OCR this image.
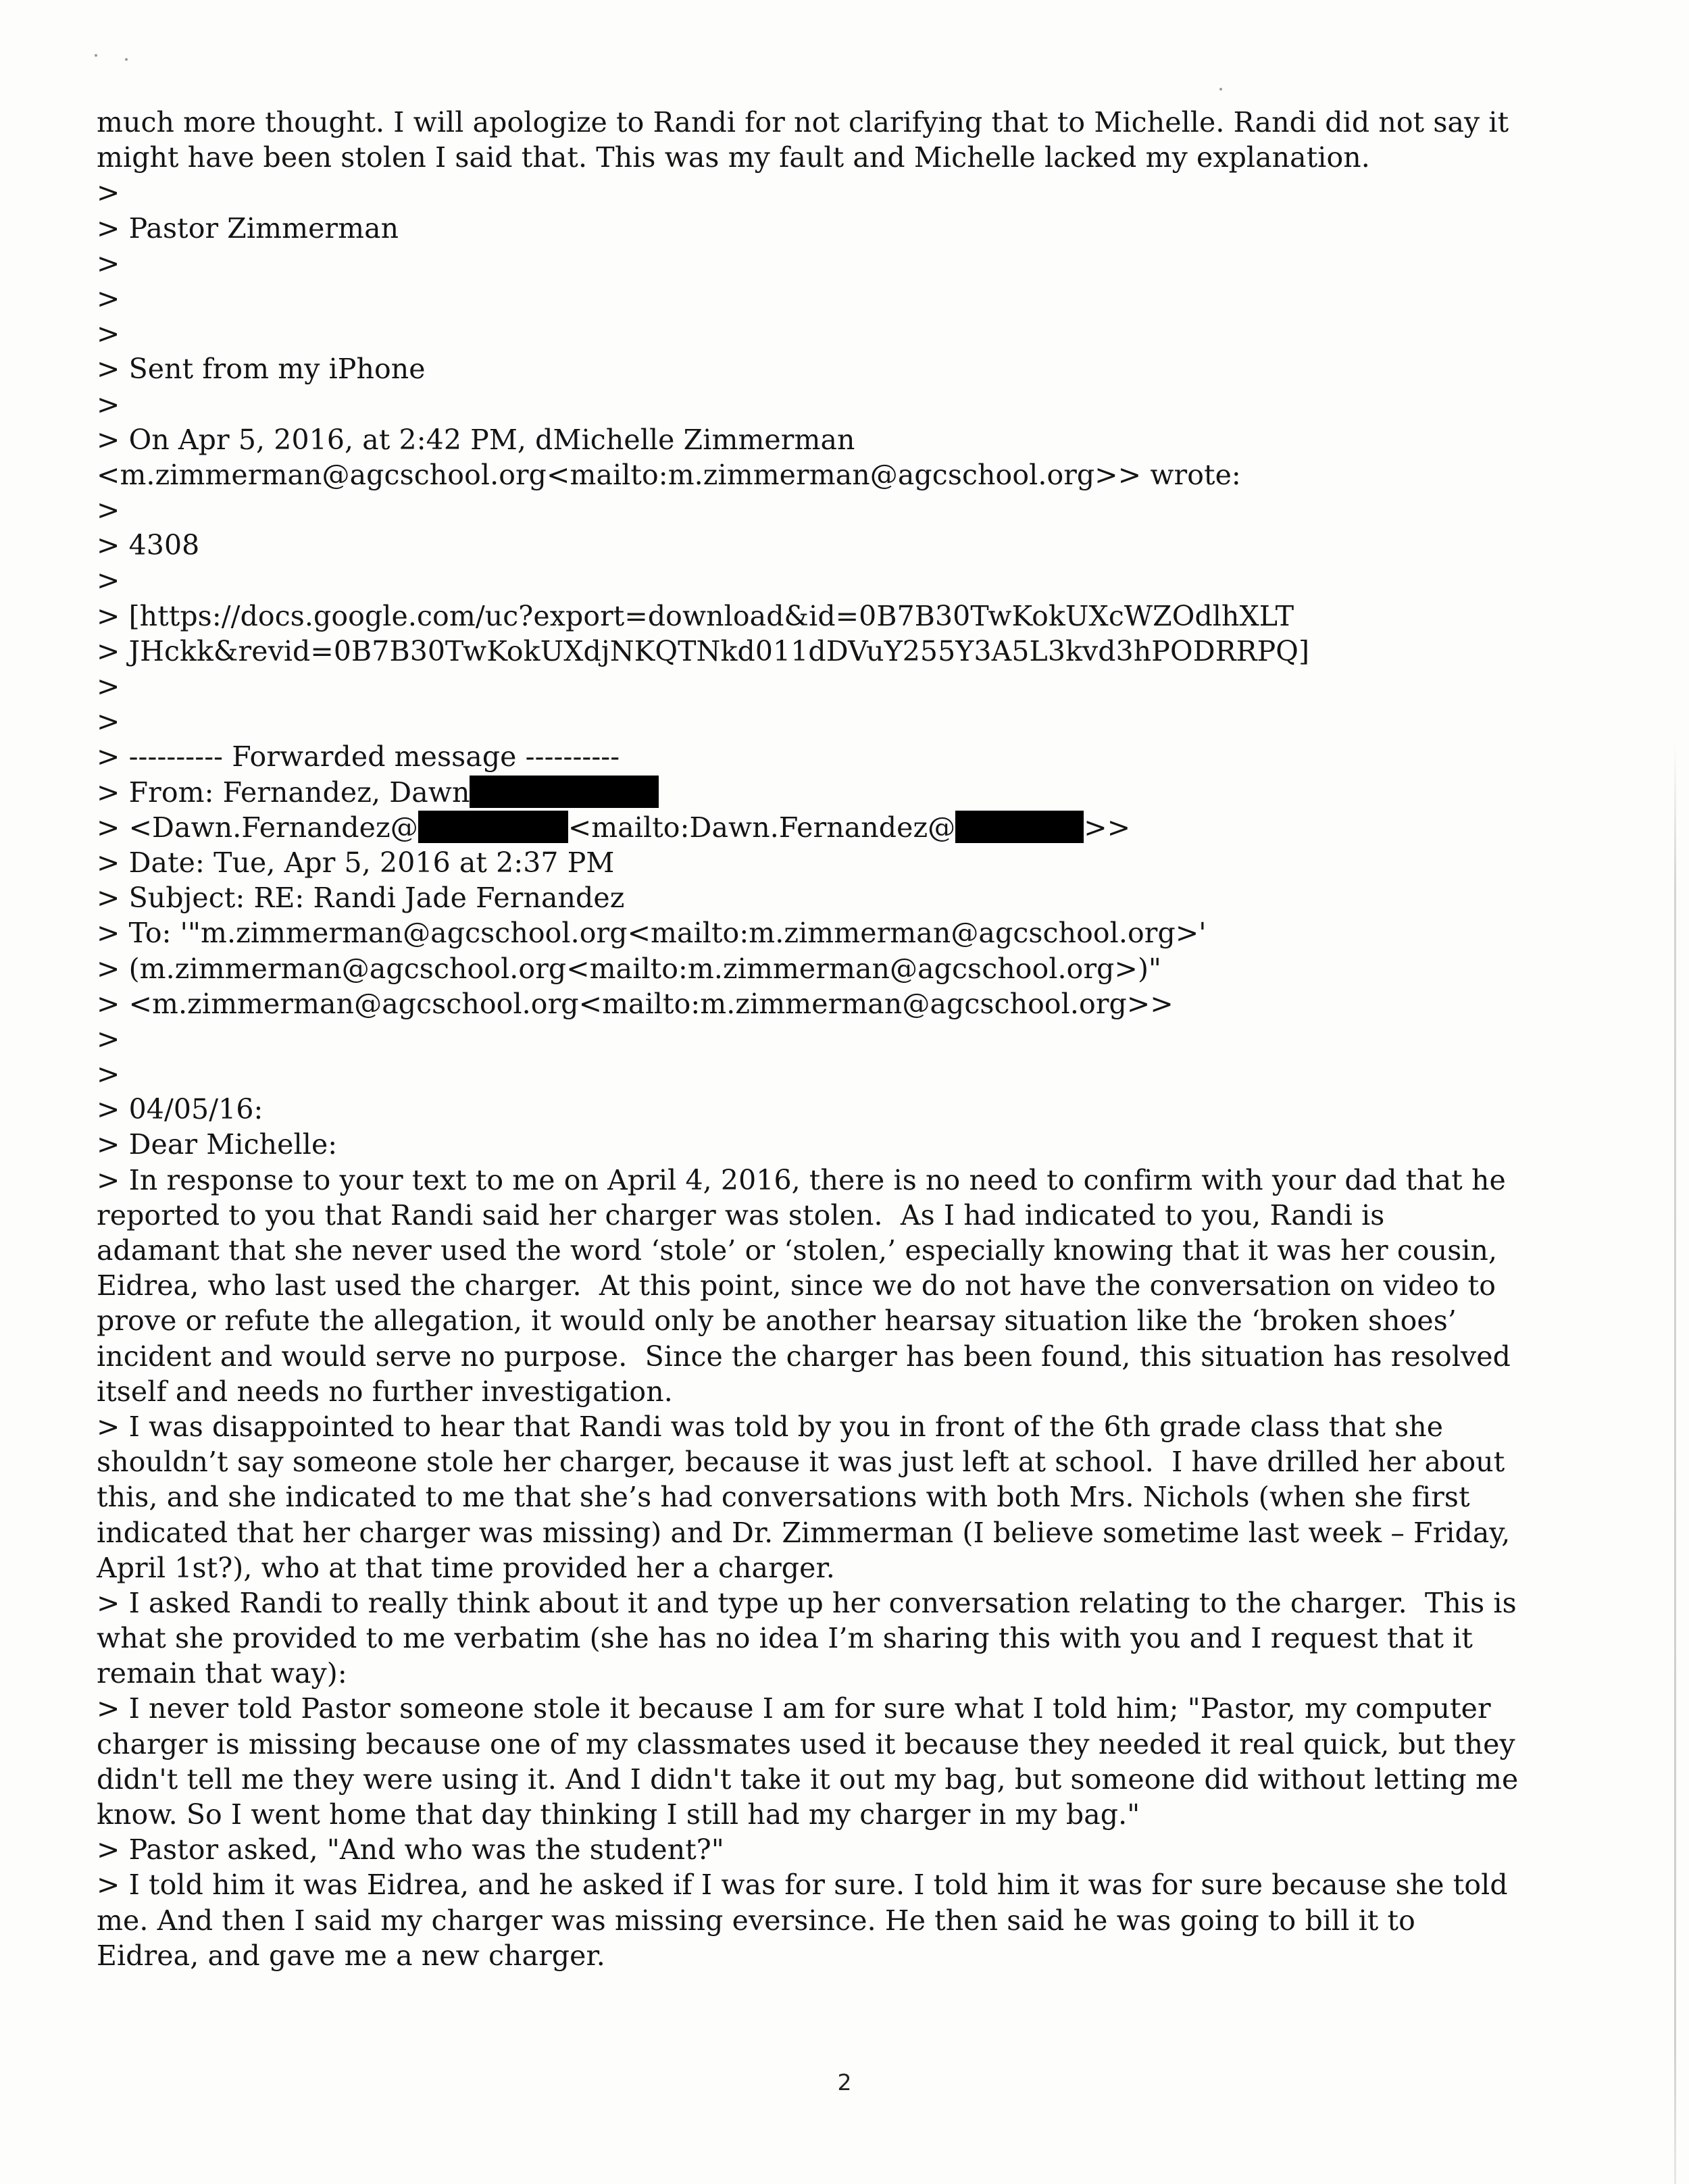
much more thought. I will apologize to Randi for not clarifying that to Michelle. Randi did not say it
might have been stolen I said that. This was my fault and Michelle lacked my explanation.
>
> Pastor Zimmerman
>
>
>
> Sent from my iPhone
>
> On Apr 5, 2016, at 2:42 PM, dMichelle Zimmerman
<m.zimmerman@agcschool.org<mailto:m.zimmerman@agcschool.org>> wrote:
>
> 4308
>
> [https://docs.google.com/uc?export=download&id=0B7B30TwKokUXcWZOdlhXLT
> JHckk&revid=0B7B30TwKokUXdjNKQTNkd011dDVuY255Y3A5L3kvd3hPODRRPQ]
>
>
> ---------- Forwarded message ----------
> From: Fernandez, Dawn
> <Dawn.Fernandez@	<mailto:Dawn.Fernandez@	>>
> Date: Tue, Apr 5, 2016 at 2:37 PM
> Subject: RE: Randi Jade Fernandez
> To: '"m.zimmerman@agcschool.org<mailto:m.zimmerman@agcschool.org>'
> (m.zimmerman@agcschool.org<mailto:m.zimmerman@agcschool.org>)"
> <m.zimmerman@agcschool.org<mailto:m.zimmerman@agcschool.org>>
>
>
> 04/05/16:
> Dear Michelle:
> In response to your text to me on April 4, 2016, there is no need to confirm with your dad that he
reported to you that Randi said her charger was stolen.  As I had indicated to you, Randi is
adamant that she never used the word ‘stole’ or ‘stolen,’ especially knowing that it was her cousin,
Eidrea, who last used the charger.  At this point, since we do not have the conversation on video to
prove or refute the allegation, it would only be another hearsay situation like the ‘broken shoes’
incident and would serve no purpose.  Since the charger has been found, this situation has resolved
itself and needs no further investigation.
> I was disappointed to hear that Randi was told by you in front of the 6th grade class that she
shouldn’t say someone stole her charger, because it was just left at school.  I have drilled her about
this, and she indicated to me that she’s had conversations with both Mrs. Nichols (when she first
indicated that her charger was missing) and Dr. Zimmerman (I believe sometime last week – Friday,
April 1st?), who at that time provided her a charger.
> I asked Randi to really think about it and type up her conversation relating to the charger.  This is
what she provided to me verbatim (she has no idea I’m sharing this with you and I request that it
remain that way):
> I never told Pastor someone stole it because I am for sure what I told him; "Pastor, my computer
charger is missing because one of my classmates used it because they needed it real quick, but they
didn't tell me they were using it. And I didn't take it out my bag, but someone did without letting me
know. So I went home that day thinking I still had my charger in my bag."
> Pastor asked, "And who was the student?"
> I told him it was Eidrea, and he asked if I was for sure. I told him it was for sure because she told
me. And then I said my charger was missing eversince. He then said he was going to bill it to
Eidrea, and gave me a new charger.
2
